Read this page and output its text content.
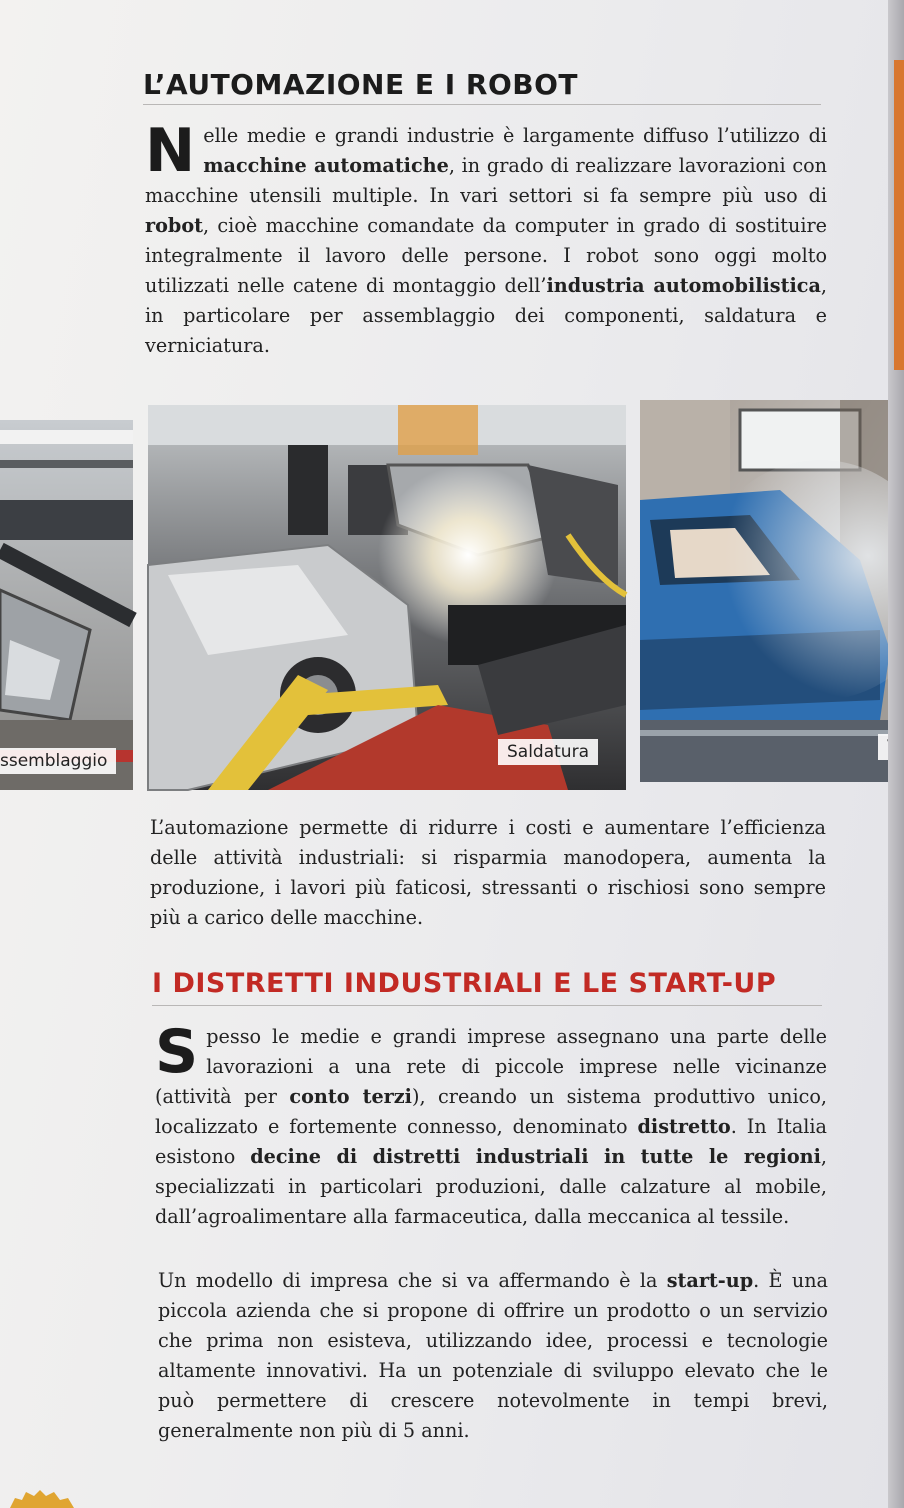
L’AUTOMAZIONE E I ROBOT
Nelle medie e grandi industrie è largamente diffuso l’utilizzo di macchine automatiche, in grado di realizzare lavorazioni con macchine utensili multiple. In vari settori si fa sempre più uso di robot, cioè macchine comandate da computer in grado di sostituire integralmente il lavoro delle persone. I robot sono oggi molto utilizzati nelle catene di montaggio dell’industria automobilistica, in particolare per assemblaggio dei componenti, saldatura e verniciatura.
ssemblaggio	Saldatura

L’automazione permette di ridurre i costi e aumentare l’efficienza delle attività industriali: si risparmia manodopera, aumenta la produzione, i lavori più faticosi, stressanti o rischiosi sono sempre più a carico delle macchine.

I DISTRETTI INDUSTRIALI E LE START-UP
Spesso le medie e grandi imprese assegnano una parte delle lavorazioni a una rete di piccole imprese nelle vicinanze (attività per conto terzi), creando un sistema produttivo unico, localizzato e fortemente connesso, denominato distretto. In Italia esistono decine di distretti industriali in tutte le regioni, specializzati in particolari produzioni, dalle calzature al mobile, dall’agroalimentare alla farmaceutica, dalla meccanica al tessile.
Un modello di impresa che si va affermando è la start-up. È una piccola azienda che si propone di offrire un prodotto o un servizio che prima non esisteva, utilizzando idee, processi e tecnologie altamente innovativi. Ha un potenziale di sviluppo elevato che le può permettere di crescere notevolmente in tempi brevi, generalmente non più di 5 anni.
